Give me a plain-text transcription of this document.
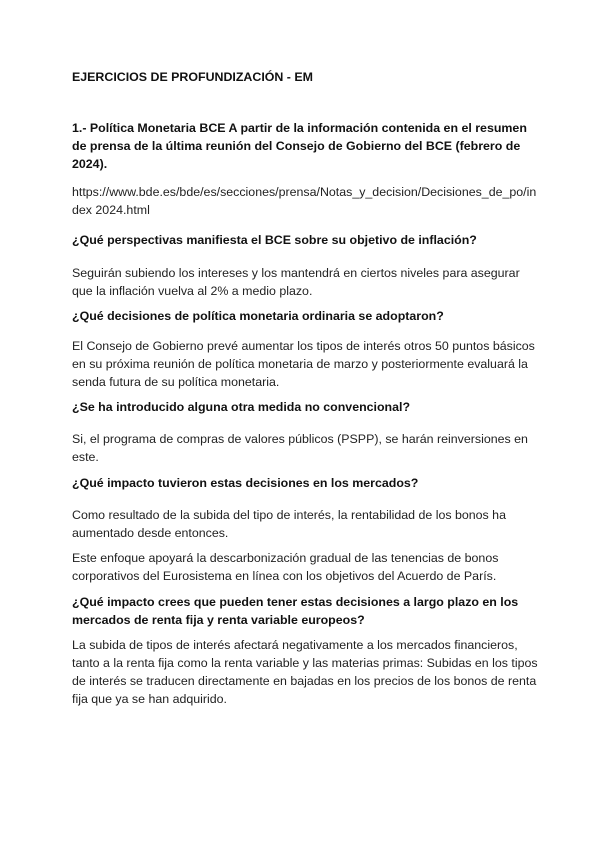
EJERCICIOS DE PROFUNDIZACIÓN - EM

1.- Política Monetaria BCE A partir de la información contenida en el resumen
de prensa de la última reunión del Consejo de Gobierno del BCE (febrero de
2024).

https://www.bde.es/bde/es/secciones/prensa/Notas_y_decision/Decisiones_de_po/in
dex 2024.html

¿Qué perspectivas manifiesta el BCE sobre su objetivo de inflación?

Seguirán subiendo los intereses y los mantendrá en ciertos niveles para asegurar
que la inflación vuelva al 2% a medio plazo.

¿Qué decisiones de política monetaria ordinaria se adoptaron?

El Consejo de Gobierno prevé aumentar los tipos de interés otros 50 puntos básicos
en su próxima reunión de política monetaria de marzo y posteriormente evaluará la
senda futura de su política monetaria.

¿Se ha introducido alguna otra medida no convencional?

Si, el programa de compras de valores públicos (PSPP), se harán reinversiones en
este.

¿Qué impacto tuvieron estas decisiones en los mercados?

Como resultado de la subida del tipo de interés, la rentabilidad de los bonos ha
aumentado desde entonces.

Este enfoque apoyará la descarbonización gradual de las tenencias de bonos
corporativos del Eurosistema en línea con los objetivos del Acuerdo de París.

¿Qué impacto crees que pueden tener estas decisiones a largo plazo en los
mercados de renta fija y renta variable europeos?

La subida de tipos de interés afectará negativamente a los mercados financieros,
tanto a la renta fija como la renta variable y las materias primas: Subidas en los tipos
de interés se traducen directamente en bajadas en los precios de los bonos de renta
fija que ya se han adquirido.
